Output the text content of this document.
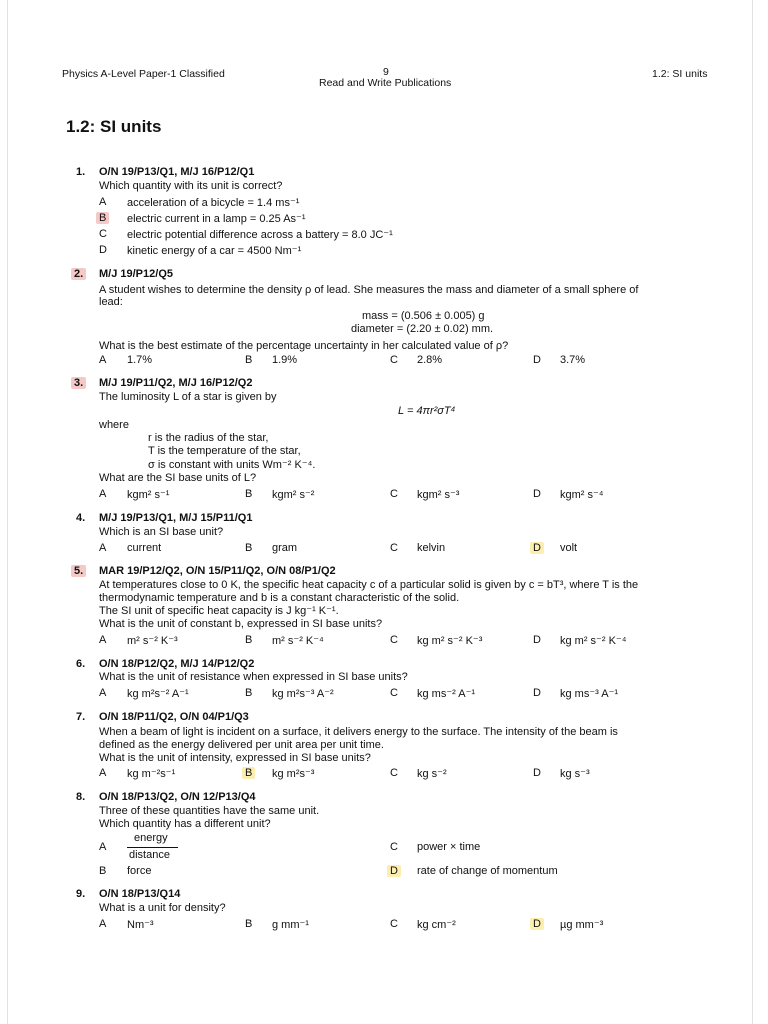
Physics A-Level Paper-1 Classified	9
Read and Write Publications
1.2: SI units
1.2: SI units
1. O/N 19/P13/Q1, M/J 16/P12/Q1
Which quantity with its unit is correct?
A acceleration of a bicycle = 1.4 ms⁻¹
B electric current in a lamp = 0.25 As⁻¹
C electric potential difference across a battery = 8.0 JC⁻¹
D kinetic energy of a car = 4500 Nm⁻¹
2. M/J 19/P12/Q5
A student wishes to determine the density ρ of lead. She measures the mass and diameter of a small sphere of
lead:
mass = (0.506 ± 0.005) g
diameter = (2.20 ± 0.02) mm.
What is the best estimate of the percentage uncertainty in her calculated value of ρ?
A 1.7%	B 1.9%	C 2.8%	D 3.7%
3. M/J 19/P11/Q2, M/J 16/P12/Q2
The luminosity L of a star is given by
L = 4πr²σT⁴
where
r is the radius of the star,
T is the temperature of the star,
σ is constant with units Wm⁻² K⁻⁴.
What are the SI base units of L?
A kgm² s⁻¹	B kgm² s⁻²	C kgm² s⁻³	D kgm² s⁻⁴
4. M/J 19/P13/Q1, M/J 15/P11/Q1
Which is an SI base unit?
A current	B gram	C kelvin	D volt
5. MAR 19/P12/Q2, O/N 15/P11/Q2, O/N 08/P1/Q2
At temperatures close to 0 K, the specific heat capacity c of a particular solid is given by c = bT³, where T is the
thermodynamic temperature and b is a constant characteristic of the solid.
The SI unit of specific heat capacity is J kg⁻¹ K⁻¹.
What is the unit of constant b, expressed in SI base units?
A m² s⁻² K⁻³	B m² s⁻² K⁻⁴	C kg m² s⁻² K⁻³	D kg m² s⁻² K⁻⁴
6. O/N 18/P12/Q2, M/J 14/P12/Q2
What is the unit of resistance when expressed in SI base units?
A kg m²s⁻² A⁻¹	B kg m²s⁻³ A⁻²	C kg ms⁻² A⁻¹	D kg ms⁻³ A⁻¹
7. O/N 18/P11/Q2, O/N 04/P1/Q3
When a beam of light is incident on a surface, it delivers energy to the surface. The intensity of the beam is
defined as the energy delivered per unit area per unit time.
What is the unit of intensity, expressed in SI base units?
A kg m⁻²s⁻¹	B kg m²s⁻³	C kg s⁻²	D kg s⁻³
8. O/N 18/P13/Q2, O/N 12/P13/Q4
Three of these quantities have the same unit.
Which quantity has a different unit?
A
energy
distance
B force
C power × time
D rate of change of momentum
9. O/N 18/P13/Q14
What is a unit for density?
A Nm⁻³	B g mm⁻¹	C kg cm⁻²	D µg mm⁻³
